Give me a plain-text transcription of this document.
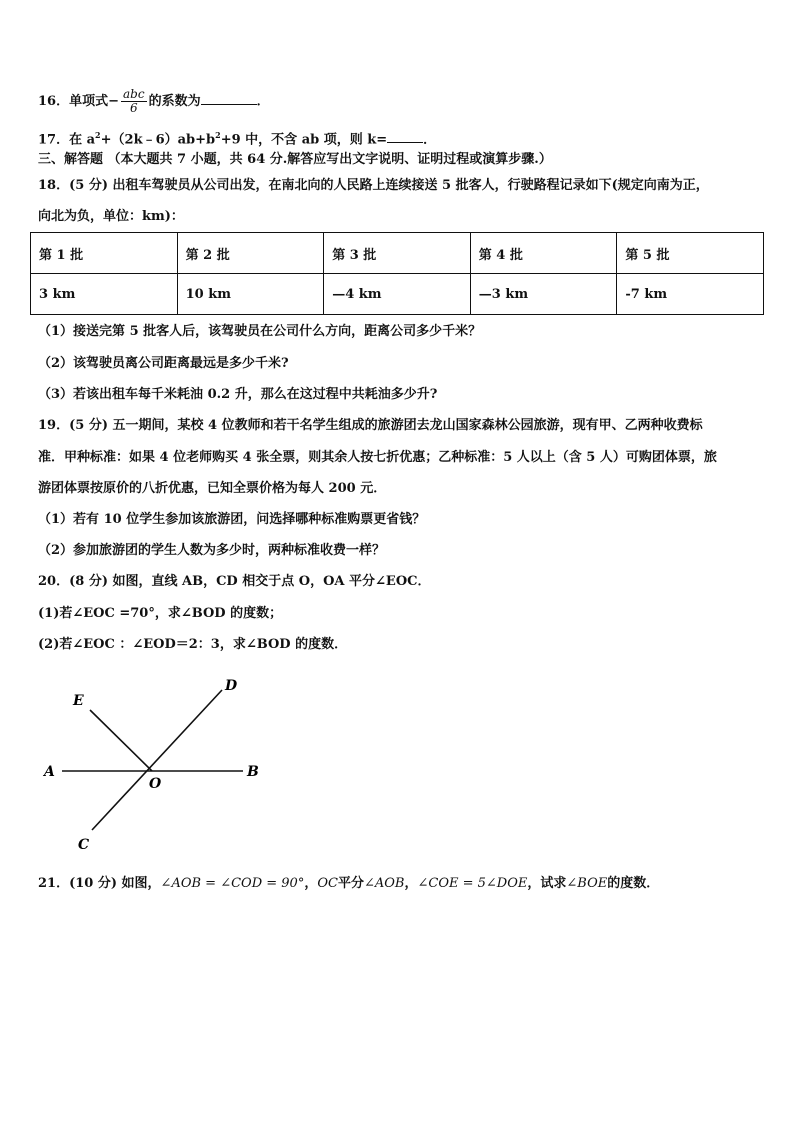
16．单项式− $\frac{\text{abc}}{6}$ 的系数为	．
17．在 $a^2+(2k﹣6)ab+b^2+9$ 中，不含 ab 项，则 k=	．
三、解答题 （本大题共 7 小题，共 64 分.解答应写出文字说明、证明过程或演算步骤.）
18．(5 分) 出租车驾驶员从公司出发，在南北向的人民路上连续接送 5 批客人，行驶路程记录如下(规定向南为正，
向北为负，单位：km)：
第 1 批	第 2 批	第 3 批	第 4 批	第 5 批
3 km	10 km	—4 km	—3 km	-7 km
（1）接送完第 5 批客人后，该驾驶员在公司什么方向，距离公司多少千米？
（2）该驾驶员离公司距离最远是多少千米?
（3）若该出租车每千米耗油 0.2 升，那么在这过程中共耗油多少升?
19．(5 分) 五一期间，某校 4 位教师和若干名学生组成的旅游团去龙山国家森林公园旅游，现有甲、乙两种收费标
准．甲种标准：如果 4 位老师购买 4 张全票，则其余人按七折优惠；乙种标准：5 人以上（含 5 人）可购团体票，旅
游团体票按原价的八折优惠，已知全票价格为每人 200 元．
（1）若有 10 位学生参加该旅游团，问选择哪种标准购票更省钱？
（2）参加旅游团的学生人数为多少时，两种标准收费一样？
20．(8 分) 如图，直线 AB，CD 相交于点 O，OA 平分∠EOC．
(1)若∠EOC =70°，求∠BOD 的度数；
(2)若∠EOC ：∠EOD＝2：3，求∠BOD 的度数．
A	B
C
D
E
O
21．(10 分) 如图，∠AOB = ∠COD = 90°，OC平分∠AOB，∠COE = 5∠DOE，试求∠BOE的度数．
